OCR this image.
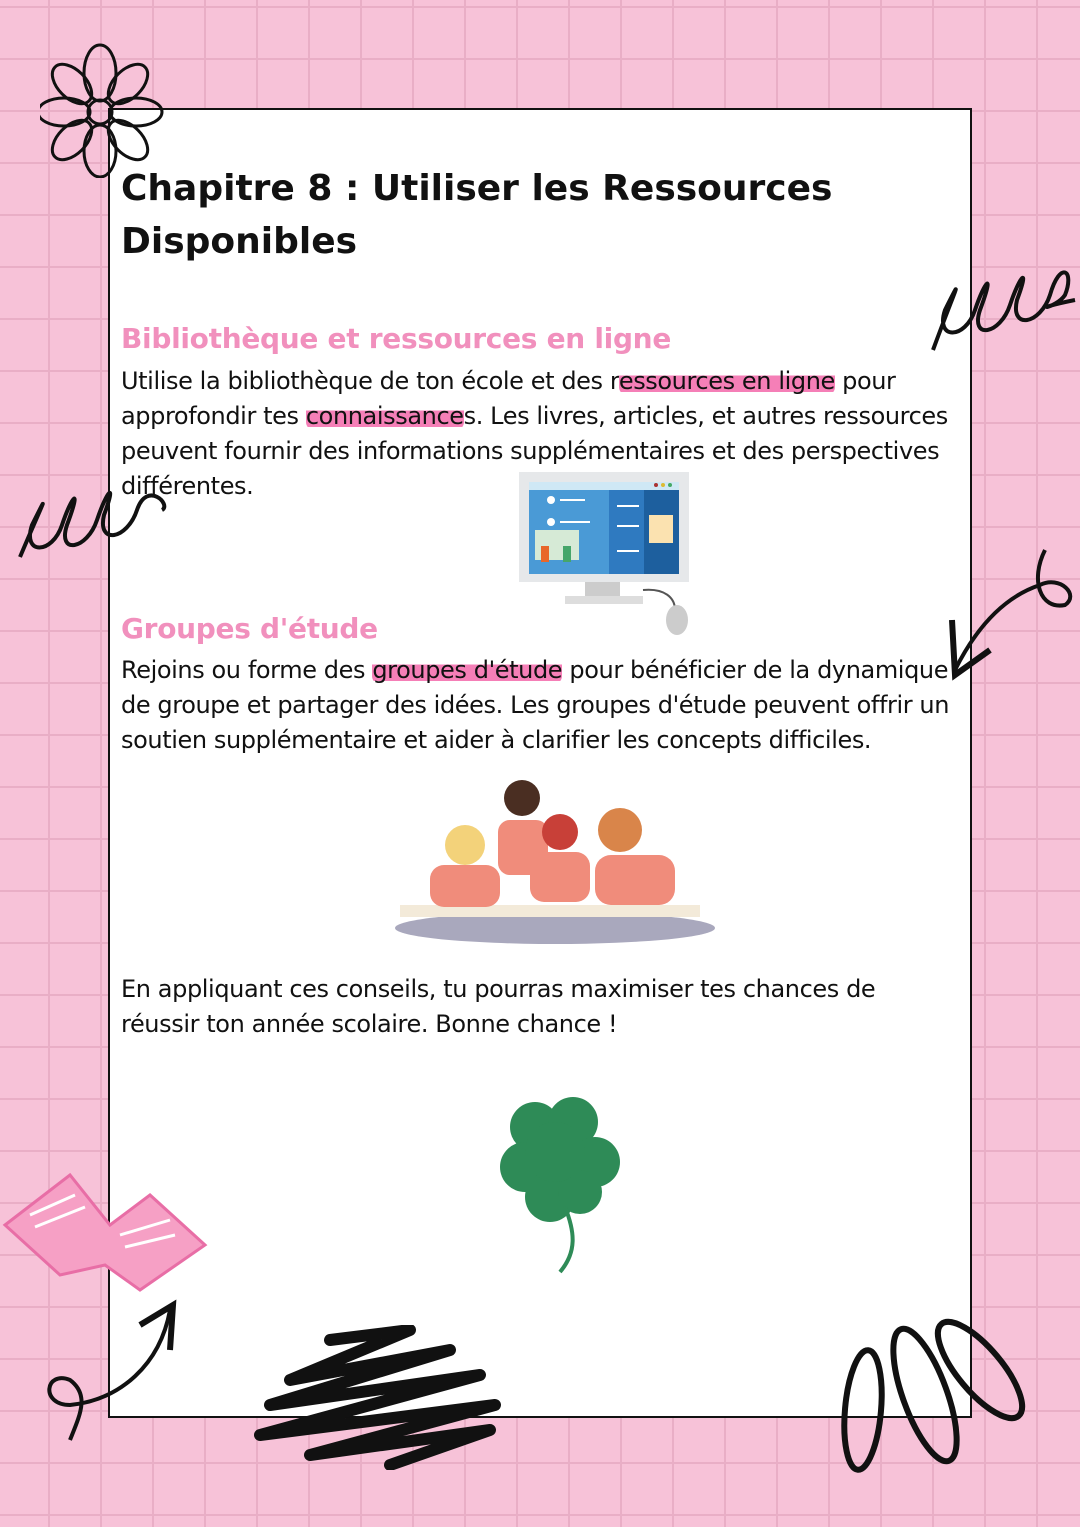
Chapitre 8 : Utiliser les Ressources Disponibles
Bibliothèque et ressources en ligne

Utilise la bibliothèque de ton école et des ressources en ligne pour approfondir tes connaissances. Les livres, articles, et autres ressources peuvent fournir des informations supplémentaires et des perspectives différentes.

Groupes d'étude

Rejoins ou forme des groupes d'étude pour bénéficier de la dynamique de groupe et partager des idées. Les groupes d'étude peuvent offrir un soutien supplémentaire et aider à clarifier les concepts difficiles.

En appliquant ces conseils, tu pourras maximiser tes chances de réussir ton année scolaire. Bonne chance !
